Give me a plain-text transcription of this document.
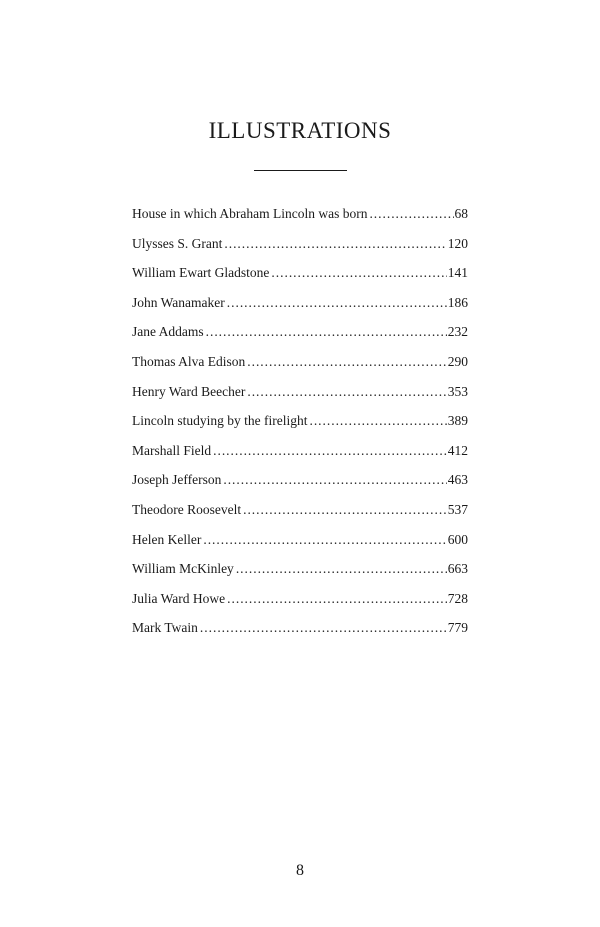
ILLUSTRATIONS
House in which Abraham Lincoln was born . . .	68
Ulysses S. Grant . . .	120
William Ewart Gladstone . . .	141
John Wanamaker . . .	186
Jane Addams . . .	232
Thomas Alva Edison . . .	290
Henry Ward Beecher . . .	353
Lincoln studying by the firelight . . .	389
Marshall Field . . .	412
Joseph Jefferson . . .	463
Theodore Roosevelt . . .	537
Helen Keller . . .	600
William McKinley . . .	663
Julia Ward Howe . . .	728
Mark Twain . . .	779
8
